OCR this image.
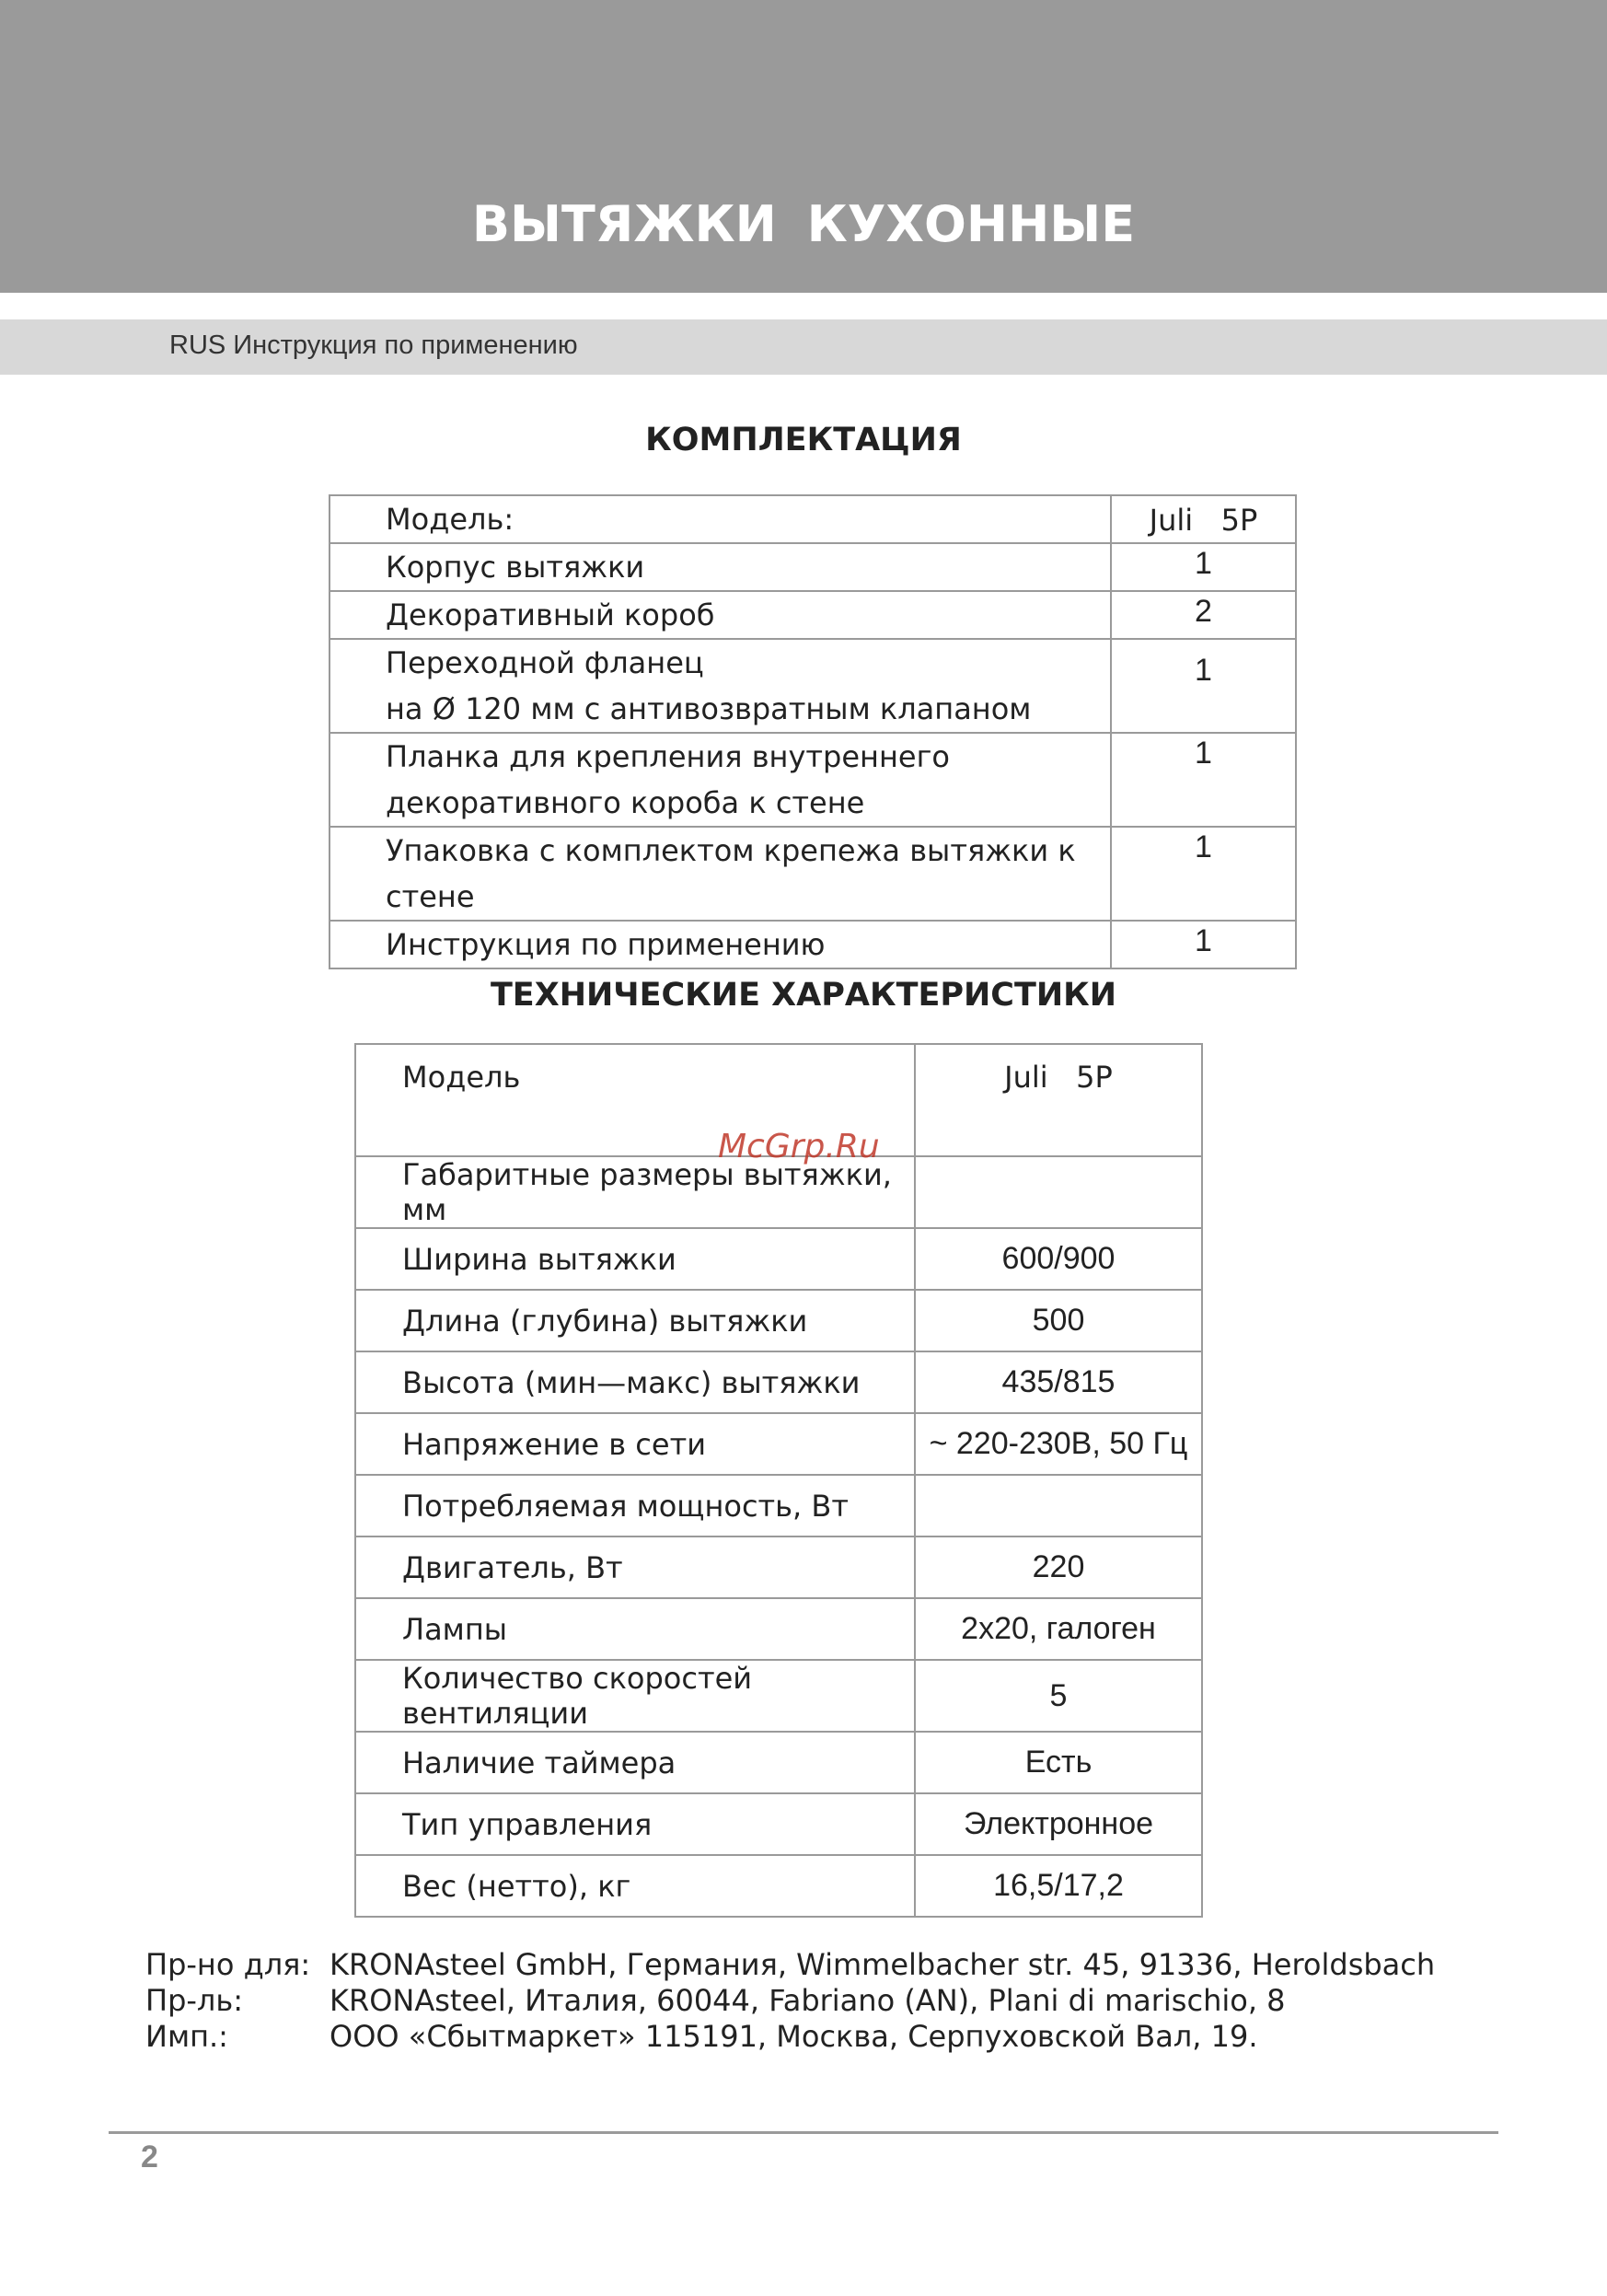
ВЫТЯЖКИ КУХОННЫЕ
RUS Инструкция по применению
КОМПЛЕКТАЦИЯ
Модель:	Juli   5P
Корпус вытяжки	1
Декоративный короб	2
Переходной фланец
на Ø 120 мм с антивозвратным клапаном	1
Планка для крепления внутреннего
декоративного короба к стене	1
Упаковка с комплектом крепежа вытяжки к стене	1
Инструкция по применению	1
ТЕХНИЧЕСКИЕ ХАРАКТЕРИСТИКИ
Модель	Juli   5P
Габаритные размеры вытяжки, мм	
Ширина вытяжки	600/900
Длина (глубина) вытяжки	500
Высота (мин—макс) вытяжки	435/815
Напряжение в сети	~ 220-230В, 50 Гц
Потребляемая мощность, Вт	
Двигатель, Вт	220
Лампы	2x20, галоген
Количество скоростей вентиляции	5
Наличие таймера	Есть
Тип управления	Электронное
Вес (нетто), кг	16,5/17,2
McGrp.Ru
Пр-но для: KRONAsteel GmbH, Германия, Wimmelbacher str. 45, 91336, Heroldsbach
Пр-ль:	KRONAsteel, Италия, 60044, Fabriano (AN), Plani di marischio, 8
Имп.:	ООО «Сбытмаркет» 115191, Москва, Серпуховской Вал, 19.
2
